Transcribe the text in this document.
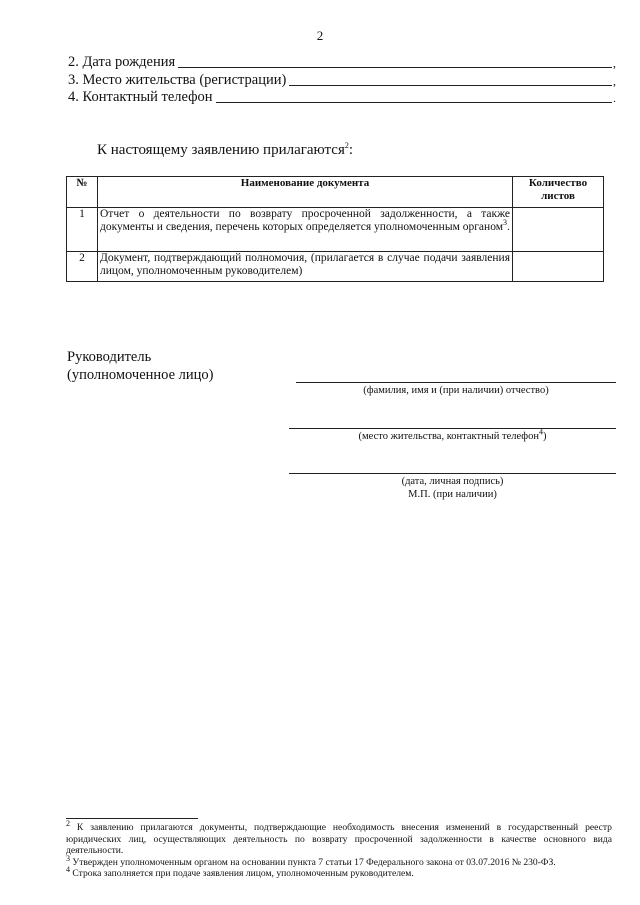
2
2. Дата рождения	,
3. Место жительства (регистрации)	,
4. Контактный телефон	.
К настоящему заявлению прилагаются$^2$:
№	Наименование документа	Количество листов
1	Отчет о деятельности по возврату просроченной задолженности, а также документы и сведения, перечень которых определяется уполномоченным органом$^3$.	
2	Документ, подтверждающий полномочия, (прилагается в случае подачи заявления лицом, уполномоченным руководителем)	
Руководитель
(уполномоченное лицо)
(фамилия, имя и (при наличии) отчество)
(место жительства, контактный телефон$^4$)
(дата, личная подпись)
М.П. (при наличии)

$^2$ К заявлению прилагаются документы, подтверждающие необходимость внесения изменений в государственный реестр юридических лиц, осуществляющих деятельность по возврату просроченной задолженности в качестве основного вида деятельности.

$^3$ Утвержден уполномоченным органом на основании пункта 7 статьи 17 Федерального закона от 03.07.2016 № 230-ФЗ.

$^4$ Строка заполняется при подаче заявления лицом, уполномоченным руководителем.
